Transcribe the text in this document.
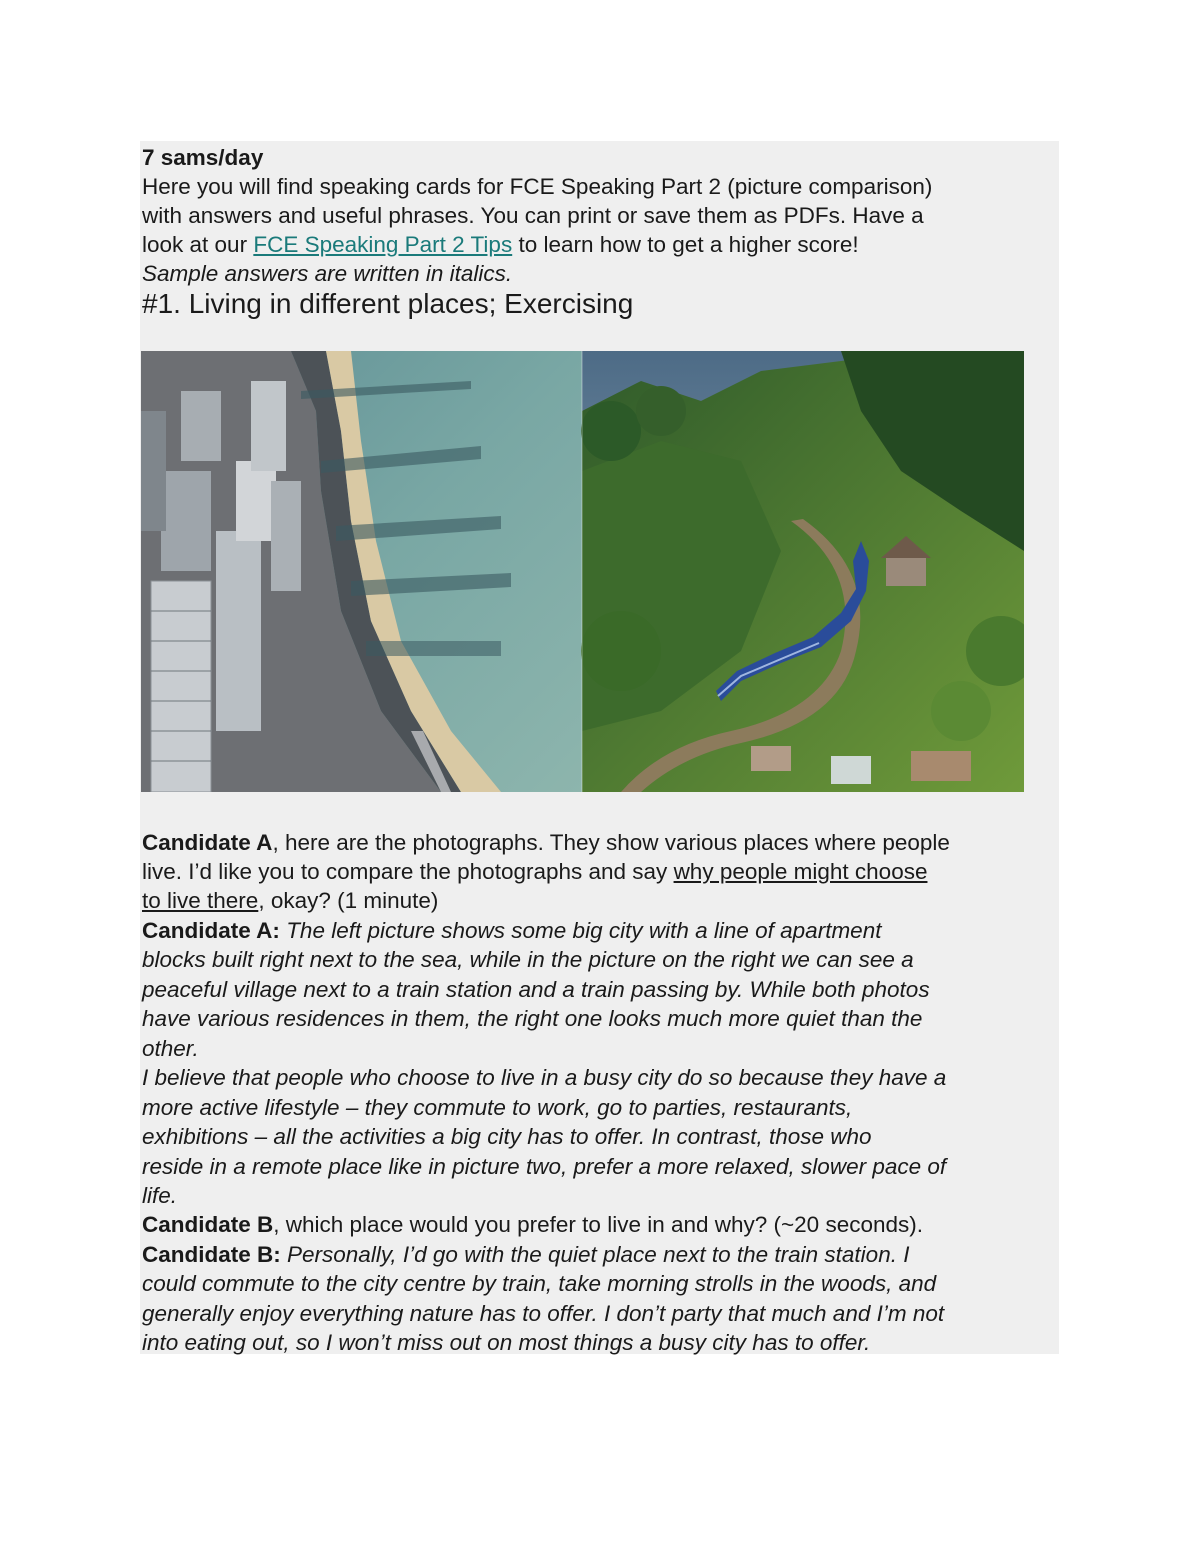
7 sams/day
Here you will find speaking cards for FCE Speaking Part 2 (picture comparison)
with answers and useful phrases. You can print or save them as PDFs. Have a
look at our FCE Speaking Part 2 Tips to learn how to get a higher score!
Sample answers are written in italics.
#1. Living in different places; Exercising
Candidate A, here are the photographs. They show various places where people
live. I’d like you to compare the photographs and say why people might choose
to live there, okay? (1 minute)
Candidate A: The left picture shows some big city with a line of apartment
blocks built right next to the sea, while in the picture on the right we can see a
peaceful village next to a train station and a train passing by. While both photos
have various residences in them, the right one looks much more quiet than the
other.
I believe that people who choose to live in a busy city do so because they have a
more active lifestyle – they commute to work, go to parties, restaurants,
exhibitions – all the activities a big city has to offer. In contrast, those who
reside in a remote place like in picture two, prefer a more relaxed, slower pace of
life.
Candidate B, which place would you prefer to live in and why? (~20 seconds).
Candidate B: Personally, I’d go with the quiet place next to the train station. I
could commute to the city centre by train, take morning strolls in the woods, and
generally enjoy everything nature has to offer. I don’t party that much and I’m not
into eating out, so I won’t miss out on most things a busy city has to offer.
